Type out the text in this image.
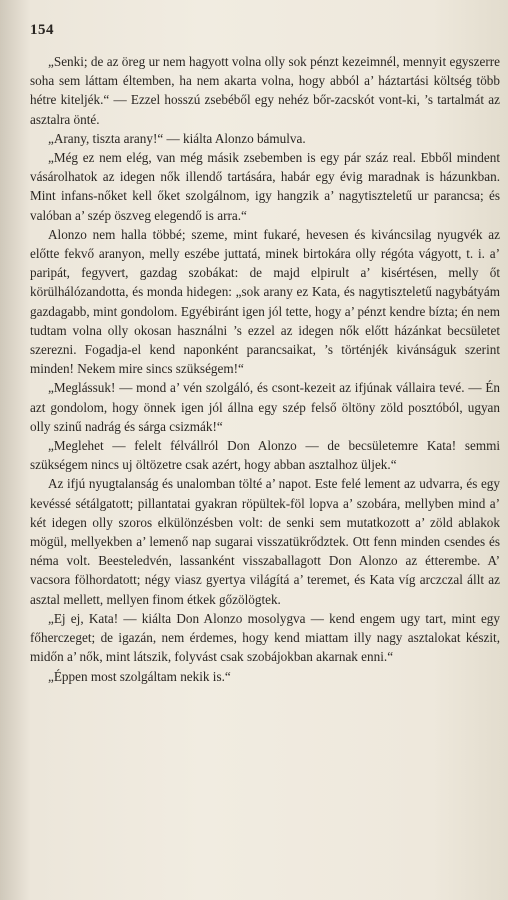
154

„Senki; de az öreg ur nem hagyott volna olly sok pénzt kezeimnél, mennyit egyszerre soha sem láttam éltemben, ha nem akarta volna, hogy abból a’ háztartási költség több hétre kiteljék.“ — Ezzel hosszú zsebéből egy nehéz bőr-zacskót vont-ki, ’s tartalmát az asztalra önté.

„Arany, tiszta arany!“ — kiálta Alonzo bámulva.

„Még ez nem elég, van még másik zsebemben is egy pár száz real. Ebből mindent vásárolhatok az idegen nők illendő tartására, habár egy évig maradnak is házunkban. Mint infans-nőket kell őket szolgálnom, igy hangzik a’ nagytiszteletű ur parancsa; és valóban a’ szép öszveg elegendő is arra.“

Alonzo nem halla többé; szeme, mint fukaré, hevesen és kiváncsilag nyugvék az előtte fekvő aranyon, melly eszébe juttatá, minek birtokára olly régóta vágyott, t. i. a’ paripát, fegyvert, gazdag szobákat: de majd elpirult a’ kisértésen, melly őt körülhálózandotta, és monda hidegen: „sok arany ez Kata, és nagytiszteletű nagybátyám gazdagabb, mint gondolom. Egyébiránt igen jól tette, hogy a’ pénzt kendre bízta; én nem tudtam volna olly okosan használni ’s ezzel az idegen nők előtt házánkat becsületet szerezni. Fogadja-el kend naponként parancsaikat, ’s történjék kivánságuk szerint minden! Nekem mire sincs szükségem!“

„Meglássuk! — mond a’ vén szolgáló, és csont-kezeit az ifjúnak vállaira tevé. — Én azt gondolom, hogy önnek igen jól állna egy szép felső öltöny zöld posztóból, ugyan olly szinű nadrág és sárga csizmák!“

„Meglehet — felelt félvállról Don Alonzo — de becsületemre Kata! semmi szükségem nincs uj öltözetre csak azért, hogy abban asztalhoz üljek.“

Az ifjú nyugtalanság és unalomban tölté a’ napot. Este felé lement az udvarra, és egy kevéssé sétálgatott; pillantatai gyakran röpültek-föl lopva a’ szobára, mellyben mind a’ két idegen olly szoros elkülönzésben volt: de senki sem mutatkozott a’ zöld ablakok mögül, mellyekben a’ lemenő nap sugarai visszatükrődztek. Ott fenn minden csendes és néma volt. Beesteledvén, lassanként visszaballagott Don Alonzo az étterembe. A’ vacsora fölhordatott; négy viasz gyertya világítá a’ teremet, és Kata víg arczczal állt az asztal mellett, mellyen finom étkek gőzölögtek.

„Ej ej, Kata! — kiálta Don Alonzo mosolygva — kend engem ugy tart, mint egy főherczeget; de igazán, nem érdemes, hogy kend miattam illy nagy asztalokat készit, midőn a’ nők, mint látszik, folyvást csak szobájokban akarnak enni.“

„Éppen most szolgáltam nekik is.“
